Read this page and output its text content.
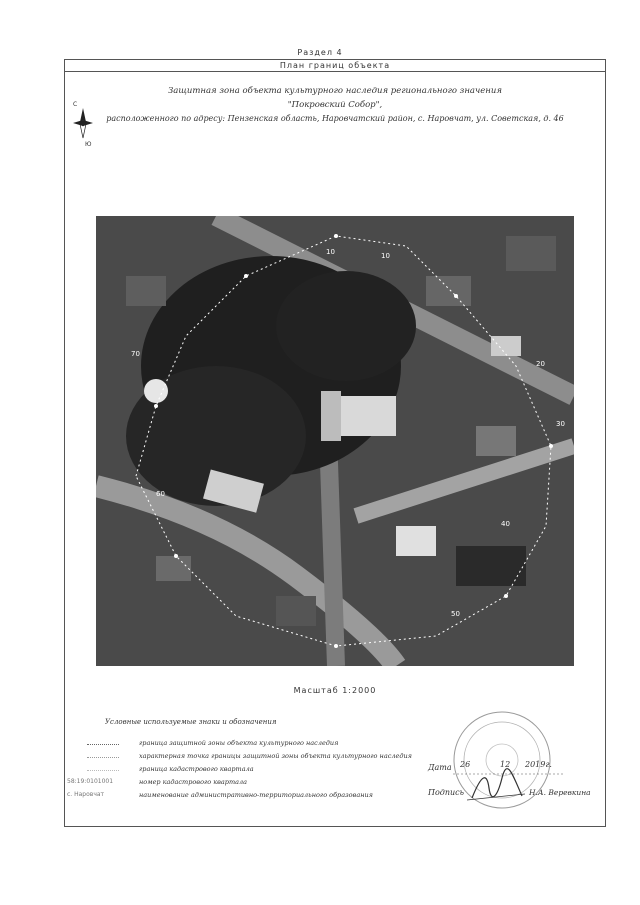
Раздел 4
План границ объекта
Защитная зона объекта культурного наследия регионального значения
"Покровский Собор",
расположенного по адресу: Пензенская область, Наровчатский район, с. Наровчат, ул. Советская, д. 46
С
Ю
10
20
30
40
50
60
70
10
Масштаб 1:2000
Условные используемые знаки и обозначения
граница защитной зоны объекта культурного наследия
характерная точка границы защитной зоны объекта культурного наследия
граница кадастрового квартала
58:19:0101001	номер кадастрового квартала
с. Наровчат	наименование административно-территориального образования
Дата 26	12 2019г.
Подпись	Н.А. Веревкина
